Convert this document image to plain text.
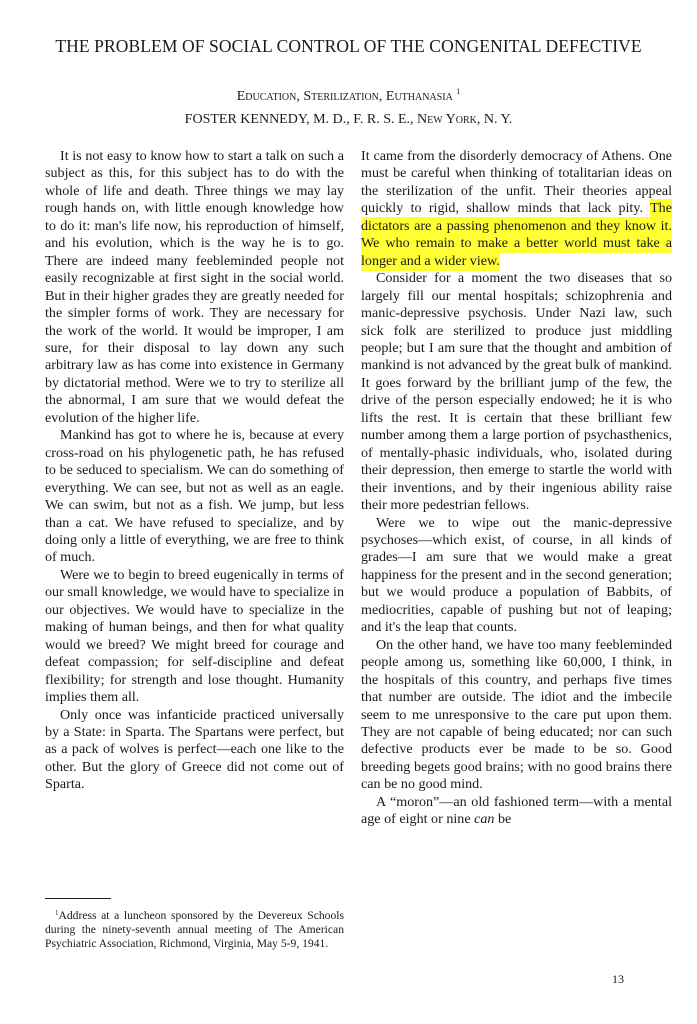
THE PROBLEM OF SOCIAL CONTROL OF THE CONGENITAL DEFECTIVE

Education, Sterilization, Euthanasia $^1$

FOSTER KENNEDY, M. D., F. R. S. E., New York, N. Y.

It is not easy to know how to start a talk on such a subject as this, for this subject has to do with the whole of life and death. Three things we may lay rough hands on, with little enough knowledge how to do it: man's life now, his reproduction of himself, and his evolution, which is the way he is to go. There are indeed many feebleminded people not easily recognizable at first sight in the social world. But in their higher grades they are greatly needed for the simpler forms of work. They are necessary for the work of the world. It would be improper, I am sure, for their disposal to lay down any such arbitrary law as has come into existence in Germany by dictatorial method. Were we to try to sterilize all the abnormal, I am sure that we would defeat the evolution of the higher life.

Mankind has got to where he is, because at every cross-road on his phylogenetic path, he has refused to be seduced to specialism. We can do something of everything. We can see, but not as well as an eagle. We can swim, but not as a fish. We jump, but less than a cat. We have refused to specialize, and by doing only a little of everything, we are free to think of much.

Were we to begin to breed eugenically in terms of our small knowledge, we would have to specialize in our objectives. We would have to specialize in the making of human beings, and then for what quality would we breed? We might breed for courage and defeat compassion; for self-discipline and defeat flexibility; for strength and lose thought. Humanity implies them all.

Only once was infanticide practiced universally by a State: in Sparta. The Spartans were perfect, but as a pack of wolves is perfect—each one like to the other. But the glory of Greece did not come out of Sparta.

$^1$Address at a luncheon sponsored by the Devereux Schools during the ninety-seventh annual meeting of The American Psychiatric Association, Richmond, Virginia, May 5-9, 1941.

It came from the disorderly democracy of Athens. One must be careful when thinking of totalitarian ideas on the sterilization of the unfit. Their theories appeal quickly to rigid, shallow minds that lack pity. The dictators are a passing phenomenon and they know it. We who remain to make a better world must take a longer and a wider view.

Consider for a moment the two diseases that so largely fill our mental hospitals; schizophrenia and manic-depressive psychosis. Under Nazi law, such sick folk are sterilized to produce just middling people; but I am sure that the thought and ambition of mankind is not advanced by the great bulk of mankind. It goes forward by the brilliant jump of the few, the drive of the person especially endowed; he it is who lifts the rest. It is certain that these brilliant few number among them a large portion of psychasthenics, of mentally-phasic individuals, who, isolated during their depression, then emerge to startle the world with their inventions, and by their ingenious ability raise their more pedestrian fellows.

Were we to wipe out the manic-depressive psychoses—which exist, of course, in all kinds of grades—I am sure that we would make a great happiness for the present and in the second generation; but we would produce a population of Babbits, of mediocrities, capable of pushing but not of leaping; and it's the leap that counts.

On the other hand, we have too many feebleminded people among us, something like 60,000, I think, in the hospitals of this country, and perhaps five times that number are outside. The idiot and the imbecile seem to me unresponsive to the care put upon them. They are not capable of being educated; nor can such defective products ever be made to be so. Good breeding begets good brains; with no good brains there can be no good mind.

A “moron”—an old fashioned term—with a mental age of eight or nine can be

13
